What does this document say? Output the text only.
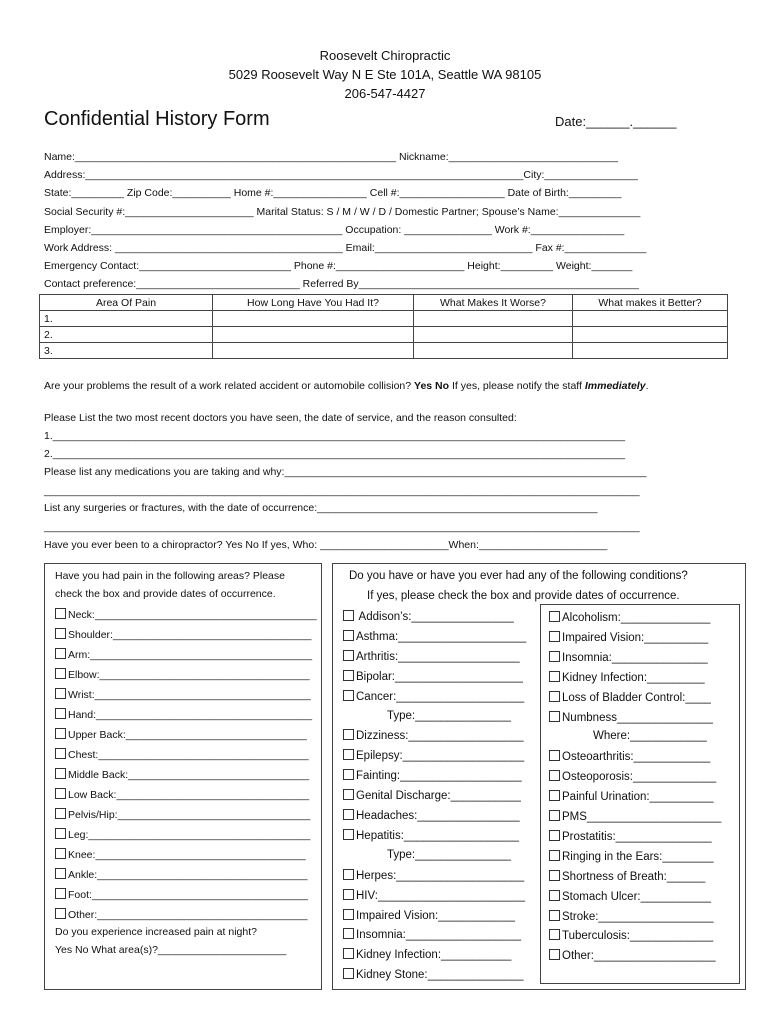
Roosevelt Chiropractic
5029 Roosevelt Way N E Ste 101A, Seattle WA 98105
206-547-4427
Confidential History Form	Date:______.______
Name:_______________________________________________________ Nickname:_____________________________
Address:___________________________________________________________________________City:________________
State:_________ Zip Code:__________ Home #:________________ Cell #:__________________ Date of Birth:_________
Social Security #:______________________ Marital Status: S / M / W / D / Domestic Partner; Spouse’s Name:______________
Employer:___________________________________________ Occupation: _______________ Work #:________________
Work Address: _______________________________________ Email:___________________________ Fax #:______________
Emergency Contact:__________________________ Phone #:______________________ Height:_________ Weight:_______
Contact preference:____________________________ Referred By________________________________________________
Area Of Pain	How Long Have You Had It?	What Makes It Worse?	What makes it Better?
1.			
2.			
3.			
Are your problems the result of a work related accident or automobile collision? Yes No If yes, please notify the staff Immediately.
Please List the two most recent doctors you have seen, the date of service, and the reason consulted:
1.__________________________________________________________________________________________________
2.__________________________________________________________________________________________________
Please list any medications you are taking and why:______________________________________________________________
______________________________________________________________________________________________________
List any surgeries or fractures, with the date of occurrence:________________________________________________
______________________________________________________________________________________________________
Have you ever been to a chiropractor? Yes No If yes, Who: ______________________When:______________________
Have you had pain in the following areas? Please
check the box and provide dates of occurrence.
Neck:______________________________________
Shoulder:__________________________________
Arm:______________________________________
Elbow:____________________________________
Wrist:_____________________________________
Hand:_____________________________________
Upper Back:_______________________________
Chest:____________________________________
Middle Back:_______________________________
Low Back:_________________________________
Pelvis/Hip:_________________________________
Leg:______________________________________
Knee:____________________________________
Ankle:____________________________________
Foot:_____________________________________
Other:____________________________________
Do you experience increased pain at night?
Yes No What area(s)?______________________
Do you have or have you ever had any of the following conditions?
If yes, please check the box and provide dates of occurrence.
Addison’s:________________
Asthma:____________________
Arthritis:___________________
Bipolar:____________________
Cancer:____________________
Type:_______________
Dizziness:__________________
Epilepsy:___________________
Fainting:___________________
Genital Discharge:___________
Headaches:________________
Hepatitis:__________________
Type:_______________
Herpes:____________________
HIV:_______________________
Impaired Vision:____________
Insomnia:__________________
Kidney Infection:___________
Kidney Stone:_______________
Alcoholism:______________
Impaired Vision:__________
Insomnia:_______________
Kidney Infection:_________
Loss of Bladder Control:____
Numbness_______________
Where:____________
Osteoarthritis:____________
Osteoporosis:_____________
Painful Urination:__________
PMS_____________________
Prostatitis:_______________
Ringing in the Ears:________
Shortness of Breath:______
Stomach Ulcer:___________
Stroke:__________________
Tuberculosis:_____________
Other:___________________
